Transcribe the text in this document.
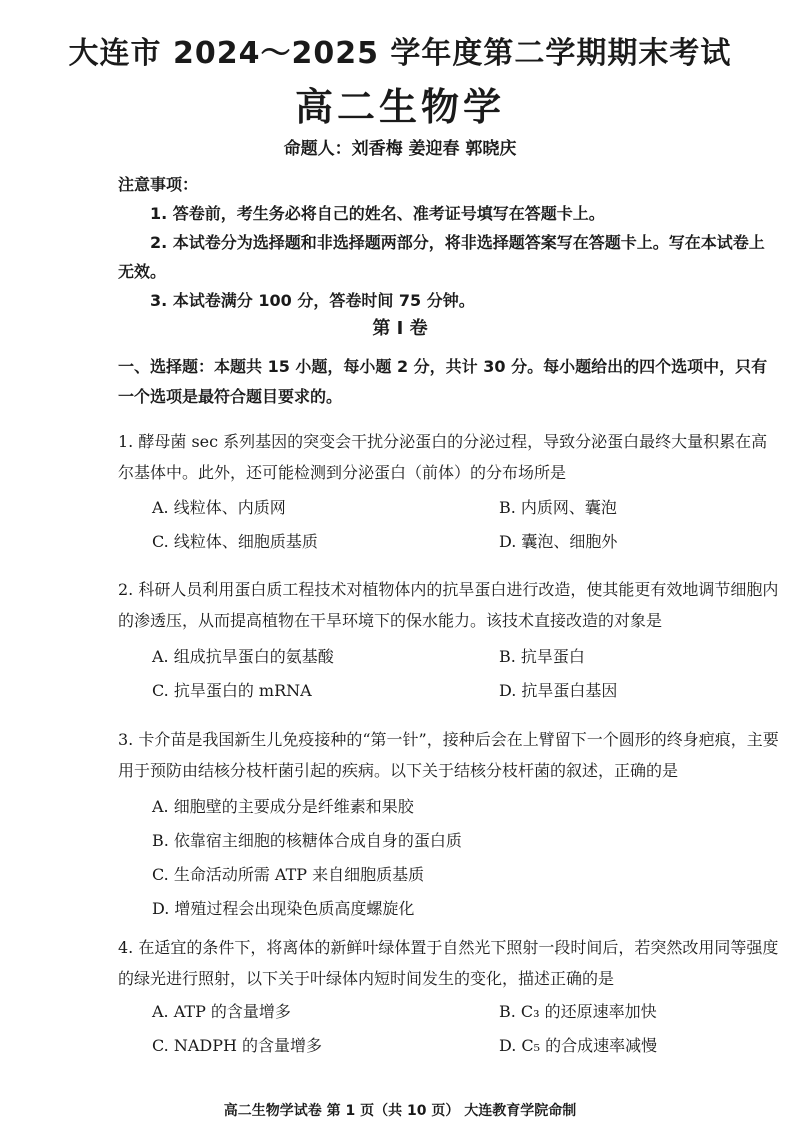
大连市 2024～2025 学年度第二学期期末考试
高二生物学
命题人：刘香梅 姜迎春 郭晓庆
注意事项：
1. 答卷前，考生务必将自己的姓名、准考证号填写在答题卡上。
2. 本试卷分为选择题和非选择题两部分，将非选择题答案写在答题卡上。写在本试卷上无效。
3. 本试卷满分 100 分，答卷时间 75 分钟。
第 I 卷
一、选择题：本题共 15 小题，每小题 2 分，共计 30 分。每小题给出的四个选项中，只有一个选项是最符合题目要求的。
1. 酵母菌 sec 系列基因的突变会干扰分泌蛋白的分泌过程，导致分泌蛋白最终大量积累在高尔基体中。此外，还可能检测到分泌蛋白（前体）的分布场所是
A. 线粒体、内质网	B. 内质网、囊泡
C. 线粒体、细胞质基质	D. 囊泡、细胞外
2. 科研人员利用蛋白质工程技术对植物体内的抗旱蛋白进行改造，使其能更有效地调节细胞内的渗透压，从而提高植物在干旱环境下的保水能力。该技术直接改造的对象是
A. 组成抗旱蛋白的氨基酸	B. 抗旱蛋白
C. 抗旱蛋白的 mRNA	D. 抗旱蛋白基因
3. 卡介苗是我国新生儿免疫接种的“第一针”，接种后会在上臂留下一个圆形的终身疤痕，主要用于预防由结核分枝杆菌引起的疾病。以下关于结核分枝杆菌的叙述，正确的是
A. 细胞壁的主要成分是纤维素和果胶
B. 依靠宿主细胞的核糖体合成自身的蛋白质
C. 生命活动所需 ATP 来自细胞质基质
D. 增殖过程会出现染色质高度螺旋化
4. 在适宜的条件下，将离体的新鲜叶绿体置于自然光下照射一段时间后，若突然改用同等强度的绿光进行照射，以下关于叶绿体内短时间发生的变化，描述正确的是
A. ATP 的含量增多	B. C₃ 的还原速率加快
C. NADPH 的含量增多	D. C₅ 的合成速率减慢
高二生物学试卷 第 1 页（共 10 页） 大连教育学院命制
